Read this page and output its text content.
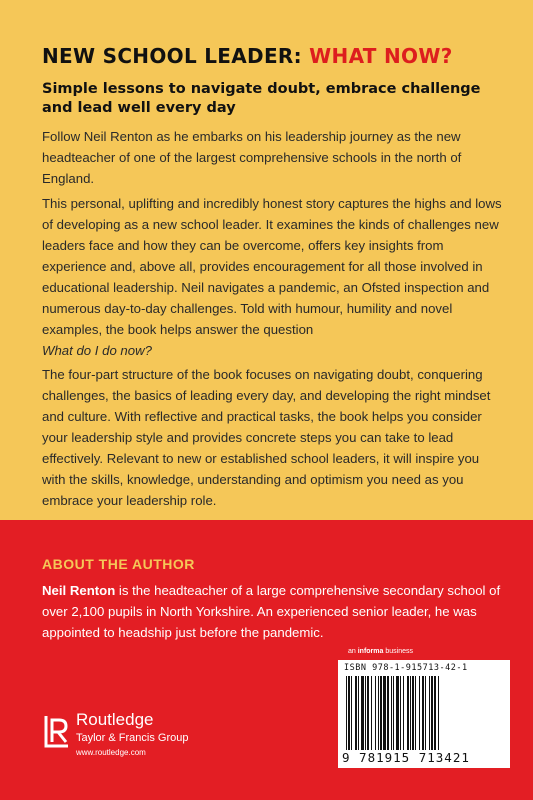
NEW SCHOOL LEADER: WHAT NOW?
Simple lessons to navigate doubt, embrace challenge and lead well every day

Follow Neil Renton as he embarks on his leadership journey as the new headteacher of one of the largest comprehensive schools in the north of England.

This personal, uplifting and incredibly honest story captures the highs and lows of developing as a new school leader. It examines the kinds of challenges new leaders face and how they can be overcome, offers key insights from experience and, above all, provides encouragement for all those involved in educational leadership. Neil navigates a pandemic, an Ofsted inspection and numerous day-to-day challenges. Told with humour, humility and novel examples, the book helps answer the question
What do I do now?

The four-part structure of the book focuses on navigating doubt, conquering challenges, the basics of leading every day, and developing the right mindset and culture. With reflective and practical tasks, the book helps you consider your leadership style and provides concrete steps you can take to lead effectively. Relevant to new or established school leaders, it will inspire you with the skills, knowledge, understanding and optimism you need as you embrace your leadership role.

ABOUT THE AUTHOR

Neil Renton is the headteacher of a large comprehensive secondary school of over 2,100 pupils in North Yorkshire. An experienced senior leader, he was appointed to headship just before the pandemic.

Routledge
Taylor & Francis Group
www.routledge.com
an informa business
ISBN 978-1-915713-42-1
9 781915 713421
